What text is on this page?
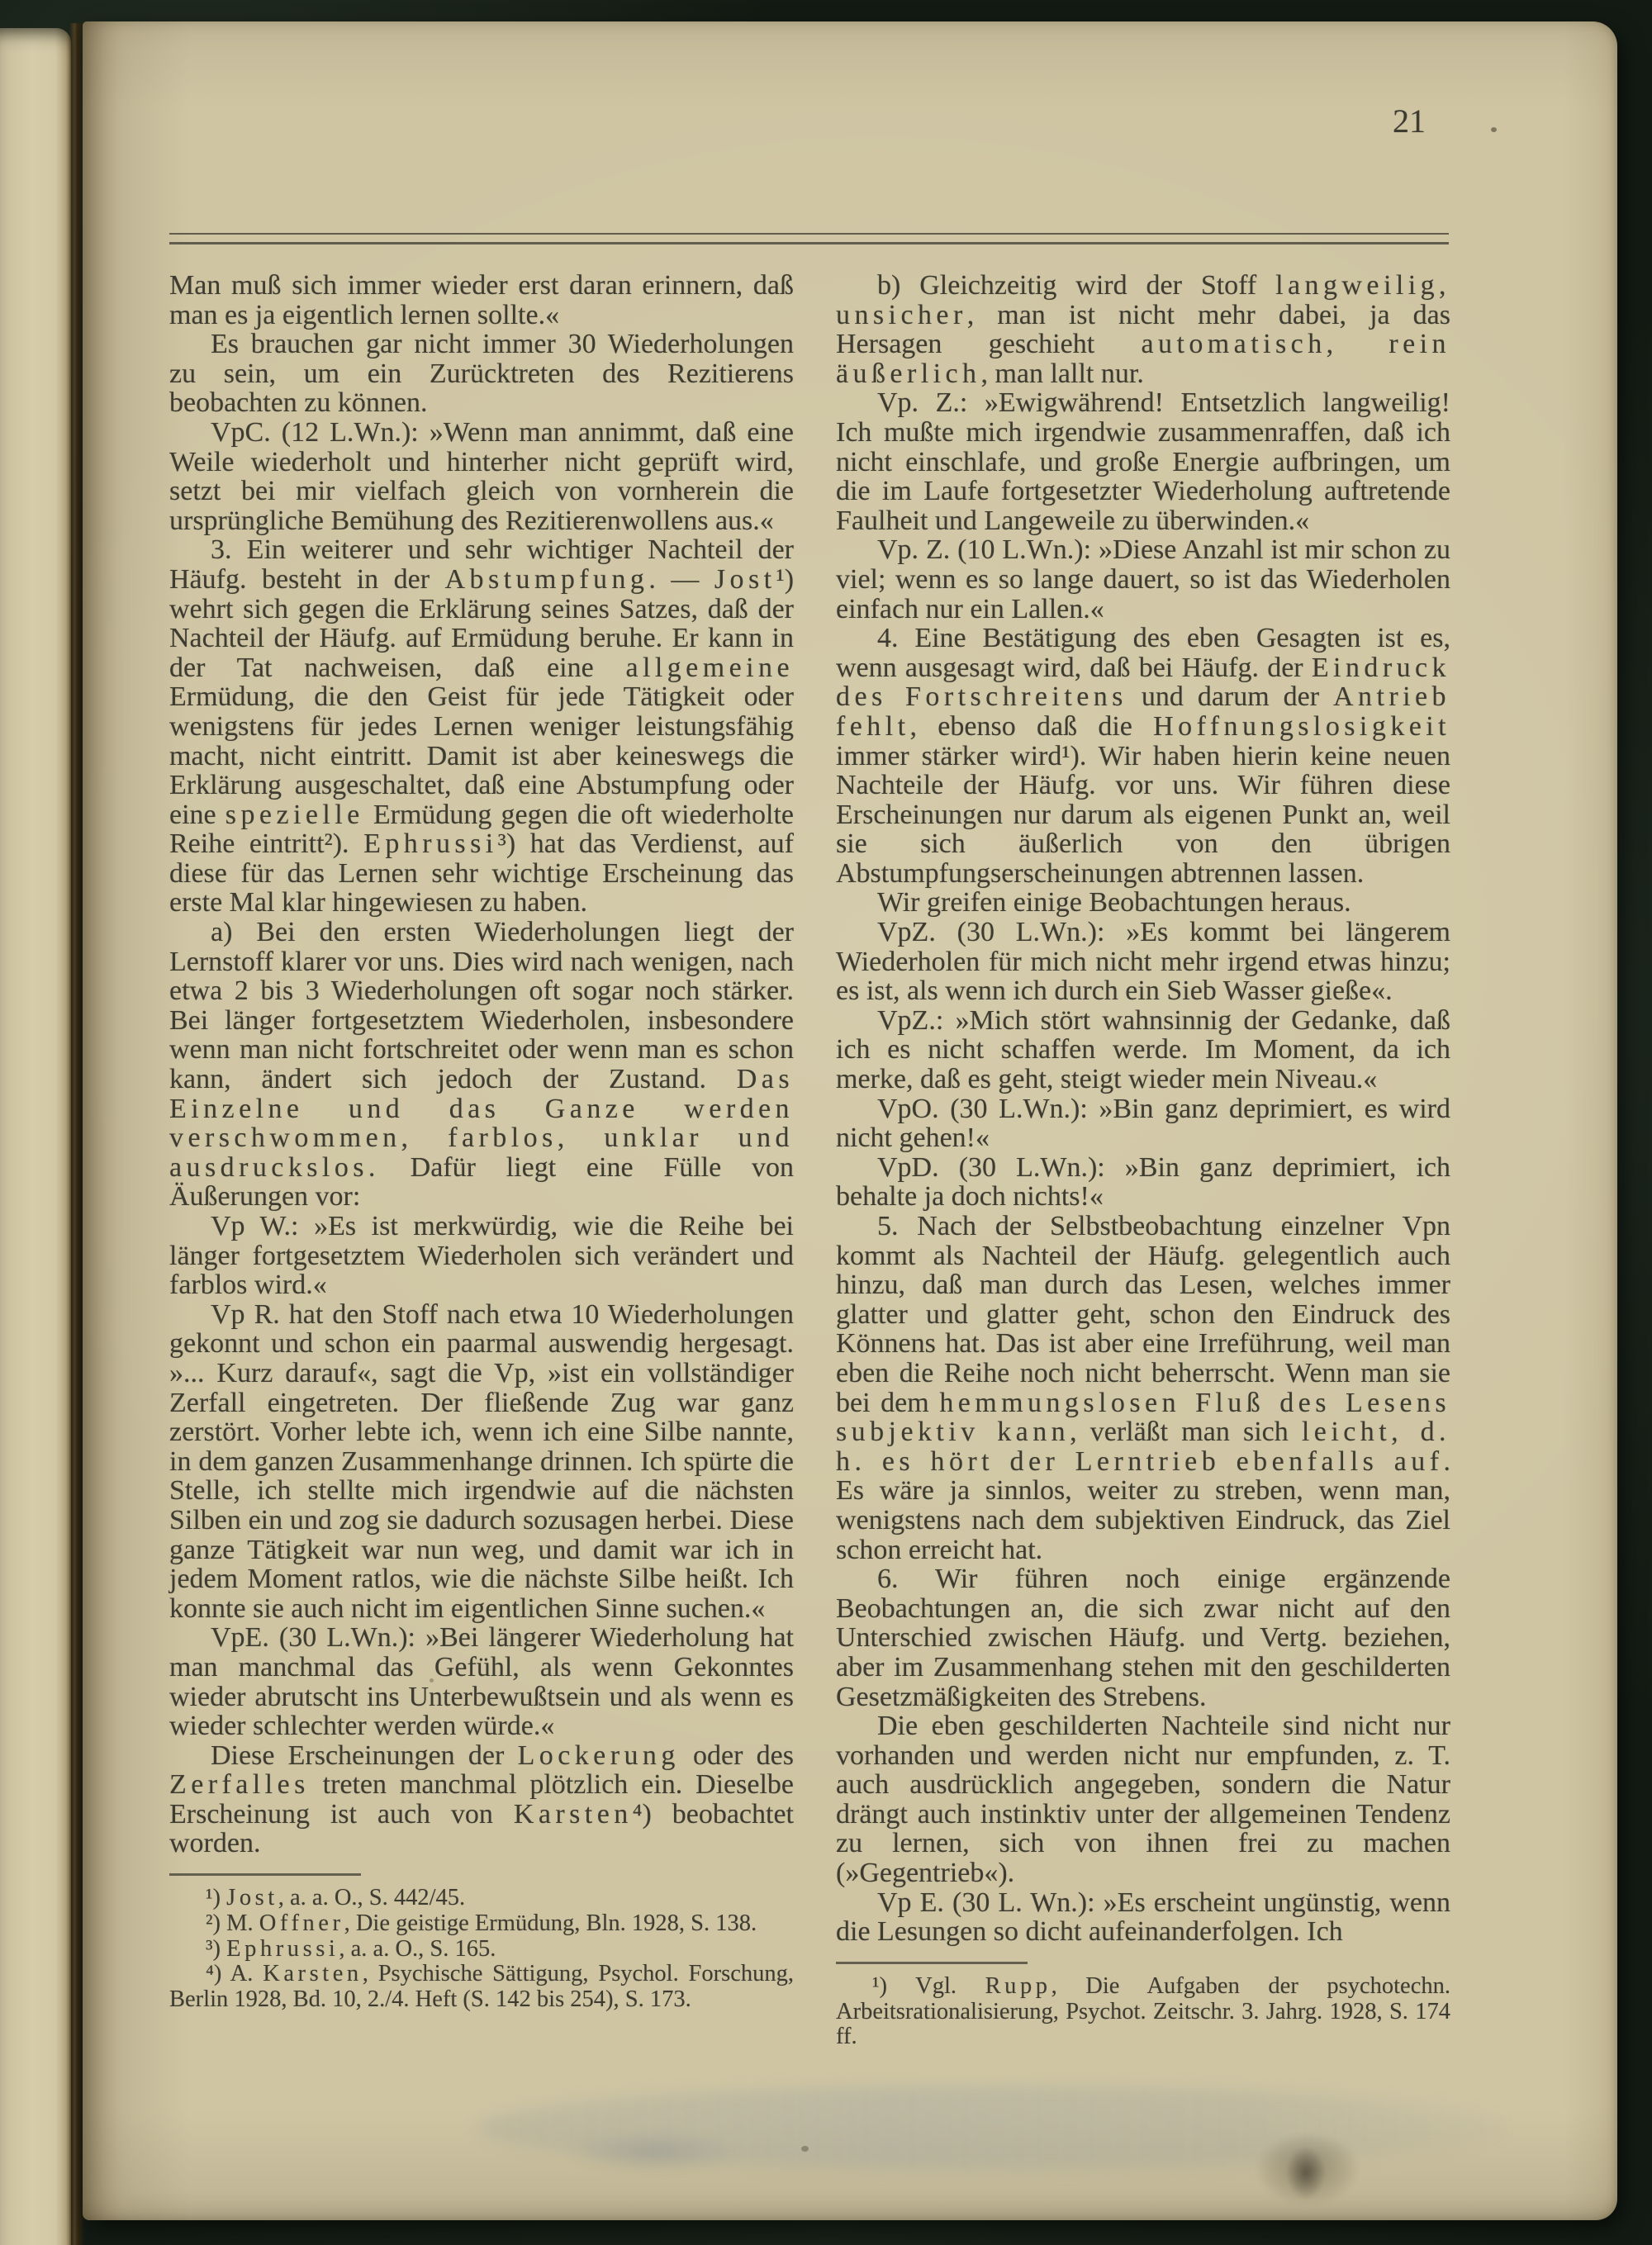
21

Man muß sich immer wieder erst daran erinnern, daß man es ja eigentlich lernen sollte.«

Es brauchen gar nicht immer 30 Wiederholungen zu sein, um ein Zurücktreten des Rezitierens beobachten zu können.

VpC. (12 L.Wn.): »Wenn man annimmt, daß eine Weile wiederholt und hinterher nicht geprüft wird, setzt bei mir vielfach gleich von vornherein die ursprüngliche Bemühung des Rezitierenwollens aus.«

3. Ein weiterer und sehr wichtiger Nachteil der Häufg. besteht in der Abstumpfung. — Jost¹) wehrt sich gegen die Erklärung seines Satzes, daß der Nachteil der Häufg. auf Ermüdung beruhe. Er kann in der Tat nachweisen, daß eine allgemeine Ermüdung, die den Geist für jede Tätigkeit oder wenigstens für jedes Lernen weniger leistungsfähig macht, nicht eintritt. Damit ist aber keineswegs die Erklärung ausgeschaltet, daß eine Abstumpfung oder eine spezielle Ermüdung gegen die oft wiederholte Reihe eintritt²). Ephrussi³) hat das Verdienst, auf diese für das Lernen sehr wichtige Erscheinung das erste Mal klar hingewiesen zu haben.

a) Bei den ersten Wiederholungen liegt der Lernstoff klarer vor uns. Dies wird nach wenigen, nach etwa 2 bis 3 Wiederholungen oft sogar noch stärker. Bei länger fortgesetztem Wiederholen, insbesondere wenn man nicht fortschreitet oder wenn man es schon kann, ändert sich jedoch der Zustand. Das Einzelne und das Ganze werden verschwommen, farblos, unklar und ausdruckslos. Dafür liegt eine Fülle von Äußerungen vor:

Vp W.: »Es ist merkwürdig, wie die Reihe bei länger fortgesetztem Wiederholen sich verändert und farblos wird.«

Vp R. hat den Stoff nach etwa 10 Wiederholungen gekonnt und schon ein paarmal auswendig hergesagt. »... Kurz darauf«, sagt die Vp, »ist ein vollständiger Zerfall eingetreten. Der fließende Zug war ganz zerstört. Vorher lebte ich, wenn ich eine Silbe nannte, in dem ganzen Zusammenhange drinnen. Ich spürte die Stelle, ich stellte mich irgendwie auf die nächsten Silben ein und zog sie dadurch sozusagen herbei. Diese ganze Tätigkeit war nun weg, und damit war ich in jedem Moment ratlos, wie die nächste Silbe heißt. Ich konnte sie auch nicht im eigentlichen Sinne suchen.«

VpE. (30 L.Wn.): »Bei längerer Wiederholung hat man manchmal das Gefühl, als wenn Gekonntes wieder abrutscht ins Unterbewußtsein und als wenn es wieder schlechter werden würde.«

Diese Erscheinungen der Lockerung oder des Zerfalles treten manchmal plötzlich ein. Dieselbe Erscheinung ist auch von Karsten⁴) beobachtet worden.

¹) Jost, a. a. O., S. 442/45.

²) M. Offner, Die geistige Ermüdung, Bln. 1928, S. 138.

³) Ephrussi, a. a. O., S. 165.

⁴) A. Karsten, Psychische Sättigung, Psychol. Forschung, Berlin 1928, Bd. 10, 2./4. Heft (S. 142 bis 254), S. 173.

b) Gleichzeitig wird der Stoff langweilig, unsicher, man ist nicht mehr dabei, ja das Hersagen geschieht automatisch, rein äußerlich, man lallt nur.

Vp. Z.: »Ewigwährend! Entsetzlich langweilig! Ich mußte mich irgendwie zusammenraffen, daß ich nicht einschlafe, und große Energie aufbringen, um die im Laufe fortgesetzter Wiederholung auftretende Faulheit und Langeweile zu überwinden.«

Vp. Z. (10 L.Wn.): »Diese Anzahl ist mir schon zu viel; wenn es so lange dauert, so ist das Wiederholen einfach nur ein Lallen.«

4. Eine Bestätigung des eben Gesagten ist es, wenn ausgesagt wird, daß bei Häufg. der Eindruck des Fortschreitens und darum der Antrieb fehlt, ebenso daß die Hoffnungslosigkeit immer stärker wird¹). Wir haben hierin keine neuen Nachteile der Häufg. vor uns. Wir führen diese Erscheinungen nur darum als eigenen Punkt an, weil sie sich äußerlich von den übrigen Abstumpfungserscheinungen abtrennen lassen.

Wir greifen einige Beobachtungen heraus.

VpZ. (30 L.Wn.): »Es kommt bei längerem Wiederholen für mich nicht mehr irgend etwas hinzu; es ist, als wenn ich durch ein Sieb Wasser gieße«.

VpZ.: »Mich stört wahnsinnig der Gedanke, daß ich es nicht schaffen werde. Im Moment, da ich merke, daß es geht, steigt wieder mein Niveau.«

VpO. (30 L.Wn.): »Bin ganz deprimiert, es wird nicht gehen!«

VpD. (30 L.Wn.): »Bin ganz deprimiert, ich behalte ja doch nichts!«

5. Nach der Selbstbeobachtung einzelner Vpn kommt als Nachteil der Häufg. gelegentlich auch hinzu, daß man durch das Lesen, welches immer glatter und glatter geht, schon den Eindruck des Könnens hat. Das ist aber eine Irreführung, weil man eben die Reihe noch nicht beherrscht. Wenn man sie bei dem hemmungslosen Fluß des Lesens subjektiv kann, verläßt man sich leicht, d. h. es hört der Lerntrieb ebenfalls auf. Es wäre ja sinnlos, weiter zu streben, wenn man, wenigstens nach dem subjektiven Eindruck, das Ziel schon erreicht hat.

6. Wir führen noch einige ergänzende Beobachtungen an, die sich zwar nicht auf den Unterschied zwischen Häufg. und Vertg. beziehen, aber im Zusammenhang stehen mit den geschilderten Gesetzmäßigkeiten des Strebens.

Die eben geschilderten Nachteile sind nicht nur vorhanden und werden nicht nur empfunden, z. T. auch ausdrücklich angegeben, sondern die Natur drängt auch instinktiv unter der allgemeinen Tendenz zu lernen, sich von ihnen frei zu machen (»Gegentrieb«).

Vp E. (30 L. Wn.): »Es erscheint ungünstig, wenn die Lesungen so dicht aufeinanderfolgen. Ich

¹) Vgl. Rupp, Die Aufgaben der psychotechn. Arbeitsrationalisierung, Psychot. Zeitschr. 3. Jahrg. 1928, S. 174 ff.
